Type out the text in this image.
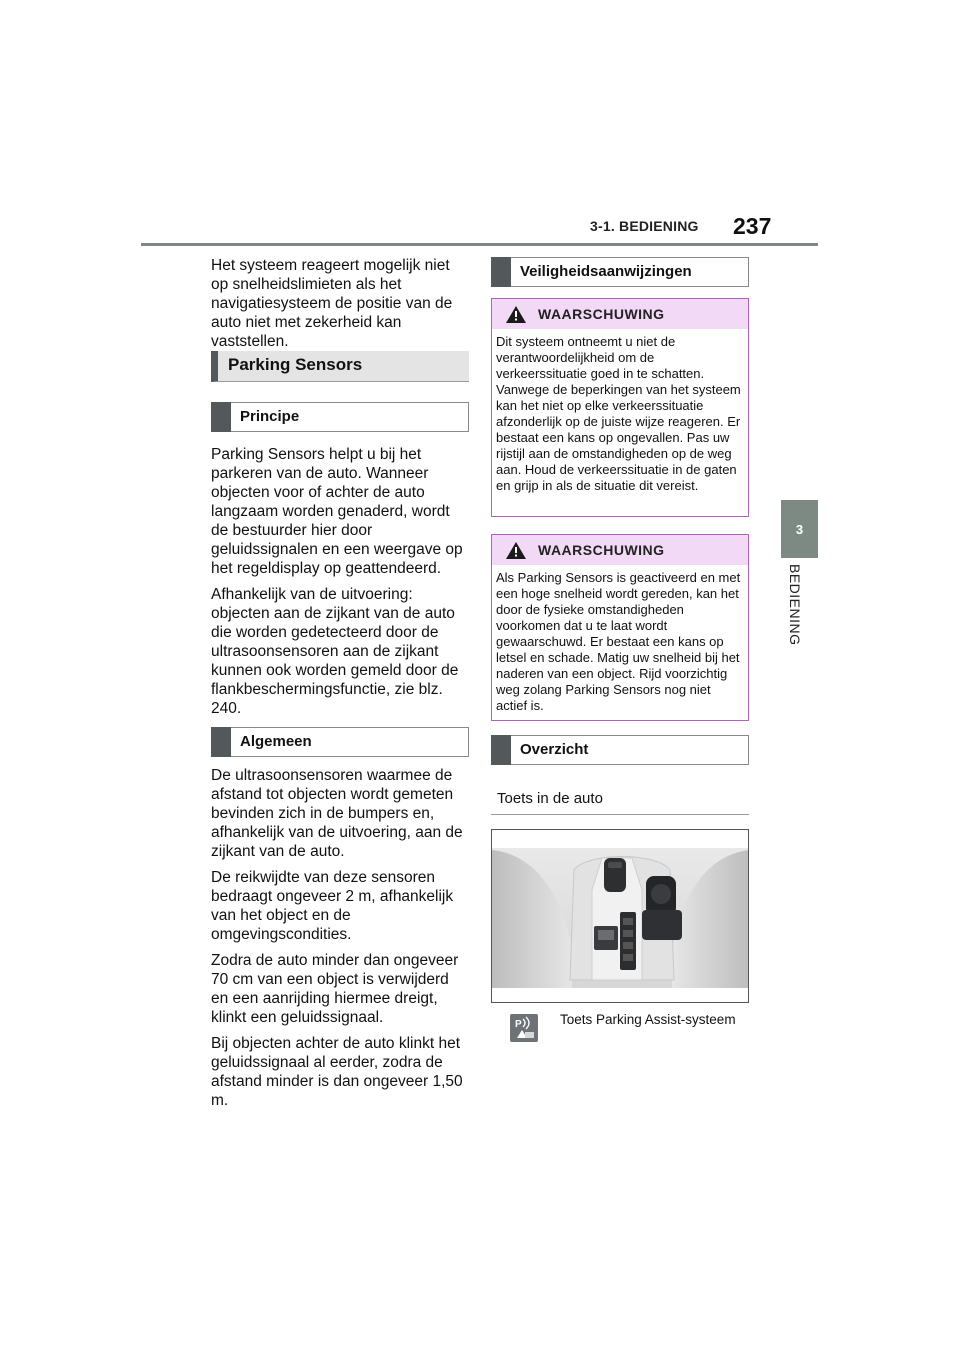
3-1. BEDIENING 237
3
BEDIENING

Het systeem reageert mogelijk niet op snelheidslimieten als het navigatiesysteem de positie van de auto niet met zekerheid kan vaststellen.

Parking Sensors
Principe

Parking Sensors helpt u bij het parkeren van de auto. Wanneer objecten voor of achter de auto langzaam worden genaderd, wordt de bestuurder hier door geluidssignalen en een weergave op het regeldisplay op geattendeerd.

Afhankelijk van de uitvoering: objecten aan de zijkant van de auto die worden gedetecteerd door de ultrasoonsensoren aan de zijkant kunnen ook worden gemeld door de flankbeschermingsfunctie, zie blz. 240.

Algemeen

De ultrasoonsensoren waarmee de afstand tot objecten wordt gemeten bevinden zich in de bumpers en, afhankelijk van de uitvoering, aan de zijkant van de auto.

De reikwijdte van deze sensoren bedraagt ongeveer 2 m, afhankelijk van het object en de omgevingscondities.

Zodra de auto minder dan ongeveer 70 cm van een object is verwijderd en een aanrijding hiermee dreigt, klinkt een geluidssignaal.

Bij objecten achter de auto klinkt het geluidssignaal al eerder, zodra de afstand minder is dan ongeveer 1,50 m.

Veiligheidsaanwijzingen
WAARSCHUWING
Dit systeem ontneemt u niet de verantwoordelijkheid om de verkeerssituatie goed in te schatten. Vanwege de beperkingen van het systeem kan het niet op elke verkeerssituatie afzonderlijk op de juiste wijze reageren. Er bestaat een kans op ongevallen. Pas uw rijstijl aan de omstandigheden op de weg aan. Houd de verkeerssituatie in de gaten en grijp in als de situatie dit vereist.
WAARSCHUWING
Als Parking Sensors is geactiveerd en met een hoge snelheid wordt gereden, kan het door de fysieke omstandigheden voorkomen dat u te laat wordt gewaarschuwd. Er bestaat een kans op letsel en schade. Matig uw snelheid bij het naderen van een object. Rijd voorzichtig weg zolang Parking Sensors nog niet actief is.
Overzicht
Toets in de auto
P	Toets Parking Assist-systeem
